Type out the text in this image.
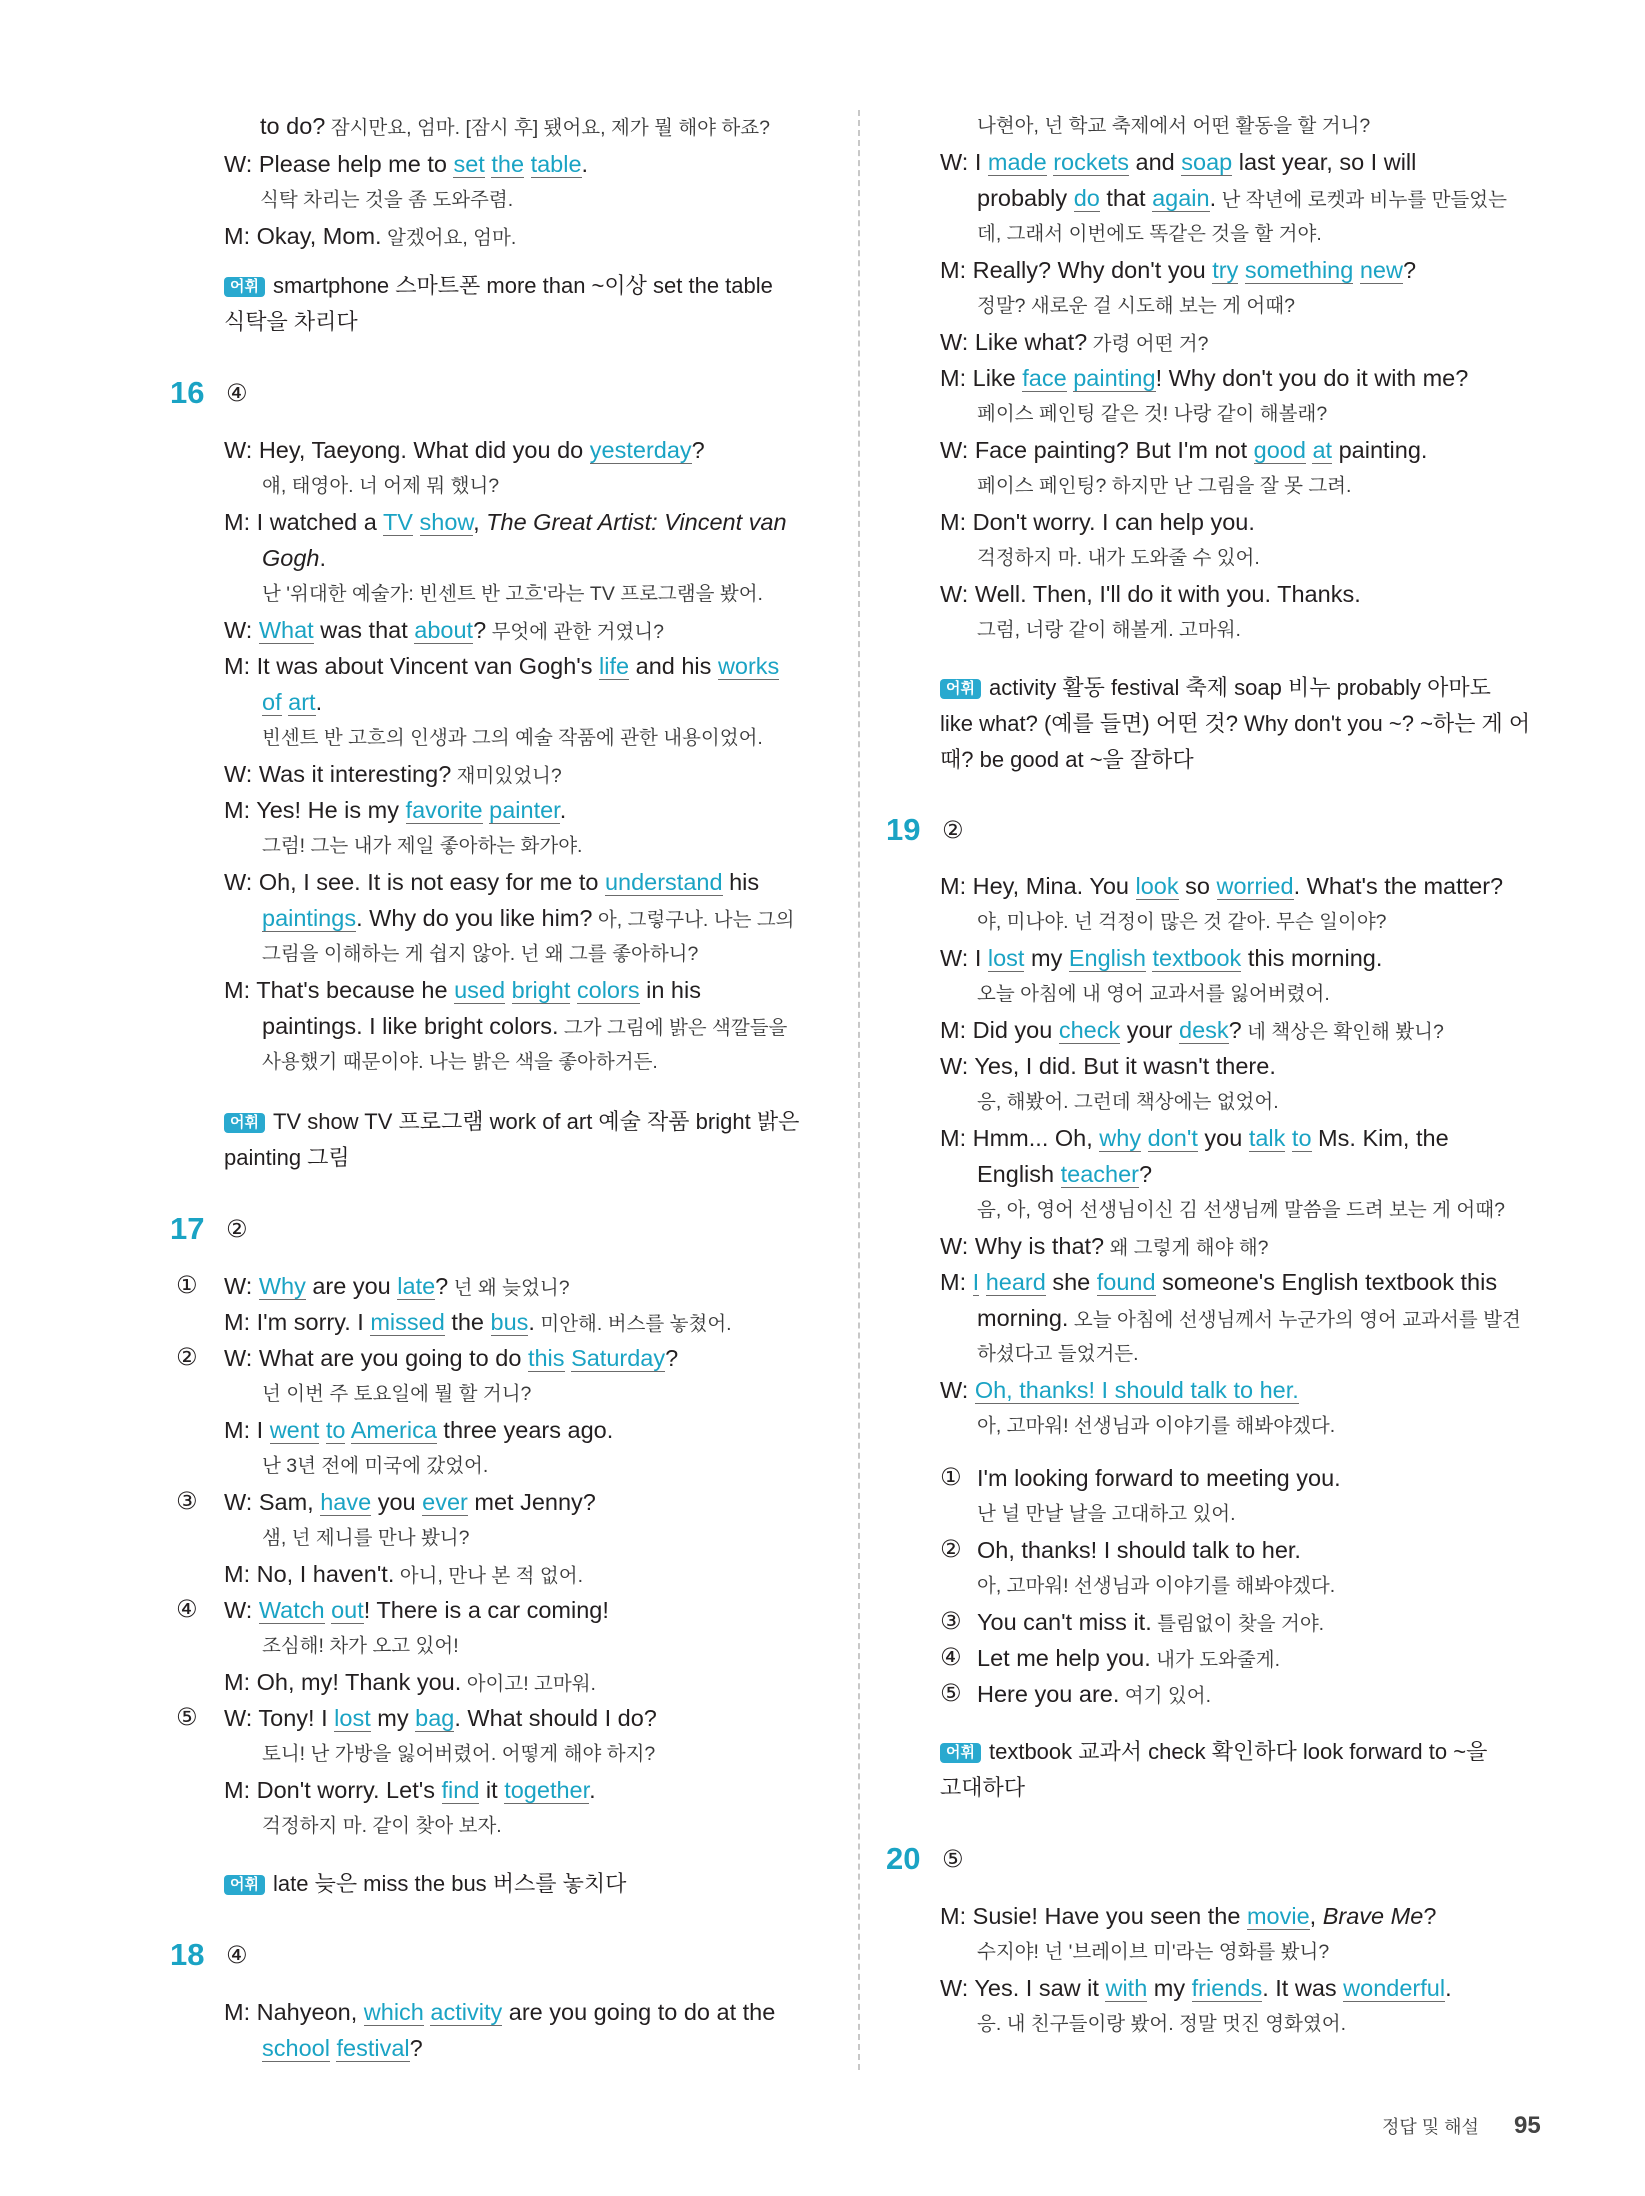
to do? 잠시만요, 엄마. [잠시 후] 됐어요, 제가 뭘 해야 하죠?
W: Please help me to set the table.
식탁 차리는 것을 좀 도와주렴.
M: Okay, Mom. 알겠어요, 엄마.
어휘 smartphone 스마트폰 more than ~이상 set the table
식탁을 차리다
16 ④
W: Hey, Taeyong. What did you do yesterday?
얘, 태영아. 너 어제 뭐 했니?
M: I watched a TV show, The Great Artist: Vincent van
Gogh.
난 '위대한 예술가: 빈센트 반 고흐'라는 TV 프로그램을 봤어.
W: What was that about? 무엇에 관한 거였니?
M: It was about Vincent van Gogh's life and his works
of art.
빈센트 반 고흐의 인생과 그의 예술 작품에 관한 내용이었어.
W: Was it interesting? 재미있었니?
M: Yes! He is my favorite painter.
그럼! 그는 내가 제일 좋아하는 화가야.
W: Oh, I see. It is not easy for me to understand his
paintings. Why do you like him? 아, 그렇구나. 나는 그의
그림을 이해하는 게 쉽지 않아. 넌 왜 그를 좋아하니?
M: That's because he used bright colors in his
paintings. I like bright colors. 그가 그림에 밝은 색깔들을
사용했기 때문이야. 나는 밝은 색을 좋아하거든.
어휘 TV show TV 프로그램 work of art 예술 작품 bright 밝은
painting 그림
17 ②
① W: Why are you late? 넌 왜 늦었니?
M: I'm sorry. I missed the bus. 미안해. 버스를 놓쳤어.
② W: What are you going to do this Saturday?
넌 이번 주 토요일에 뭘 할 거니?
M: I went to America three years ago.
난 3년 전에 미국에 갔었어.
③ W: Sam, have you ever met Jenny?
샘, 넌 제니를 만나 봤니?
M: No, I haven't. 아니, 만나 본 적 없어.
④ W: Watch out! There is a car coming!
조심해! 차가 오고 있어!
M: Oh, my! Thank you. 아이고! 고마워.
⑤ W: Tony! I lost my bag. What should I do?
토니! 난 가방을 잃어버렸어. 어떻게 해야 하지?
M: Don't worry. Let's find it together.
걱정하지 마. 같이 찾아 보자.
어휘 late 늦은 miss the bus 버스를 놓치다
18 ④
M: Nahyeon, which activity are you going to do at the
school festival?
나현아, 넌 학교 축제에서 어떤 활동을 할 거니?
W: I made rockets and soap last year, so I will
probably do that again. 난 작년에 로켓과 비누를 만들었는
데, 그래서 이번에도 똑같은 것을 할 거야.
M: Really? Why don't you try something new?
정말? 새로운 걸 시도해 보는 게 어때?
W: Like what? 가령 어떤 거?
M: Like face painting! Why don't you do it with me?
페이스 페인팅 같은 것! 나랑 같이 해볼래?
W: Face painting? But I'm not good at painting.
페이스 페인팅? 하지만 난 그림을 잘 못 그려.
M: Don't worry. I can help you.
걱정하지 마. 내가 도와줄 수 있어.
W: Well. Then, I'll do it with you. Thanks.
그럼, 너랑 같이 해볼게. 고마워.
어휘 activity 활동 festival 축제 soap 비누 probably 아마도
like what? (예를 들면) 어떤 것? Why don't you ~? ~하는 게 어
때? be good at ~을 잘하다
19 ②
M: Hey, Mina. You look so worried. What's the matter?
야, 미나야. 넌 걱정이 많은 것 같아. 무슨 일이야?
W: I lost my English textbook this morning.
오늘 아침에 내 영어 교과서를 잃어버렸어.
M: Did you check your desk? 네 책상은 확인해 봤니?
W: Yes, I did. But it wasn't there.
응, 해봤어. 그런데 책상에는 없었어.
M: Hmm... Oh, why don't you talk to Ms. Kim, the
English teacher?
음, 아, 영어 선생님이신 김 선생님께 말씀을 드려 보는 게 어때?
W: Why is that? 왜 그렇게 해야 해?
M: I heard she found someone's English textbook this
morning. 오늘 아침에 선생님께서 누군가의 영어 교과서를 발견
하셨다고 들었거든.
W: Oh, thanks! I should talk to her.
아, 고마워! 선생님과 이야기를 해봐야겠다.
① I'm looking forward to meeting you.
난 널 만날 날을 고대하고 있어.
② Oh, thanks! I should talk to her.
아, 고마워! 선생님과 이야기를 해봐야겠다.
③ You can't miss it. 틀림없이 찾을 거야.
④ Let me help you. 내가 도와줄게.
⑤ Here you are. 여기 있어.
어휘 textbook 교과서 check 확인하다 look forward to ~을
고대하다
20 ⑤
M: Susie! Have you seen the movie, Brave Me?
수지야! 넌 '브레이브 미'라는 영화를 봤니?
W: Yes. I saw it with my friends. It was wonderful.
응. 내 친구들이랑 봤어. 정말 멋진 영화였어.
정답 및 해설 95
